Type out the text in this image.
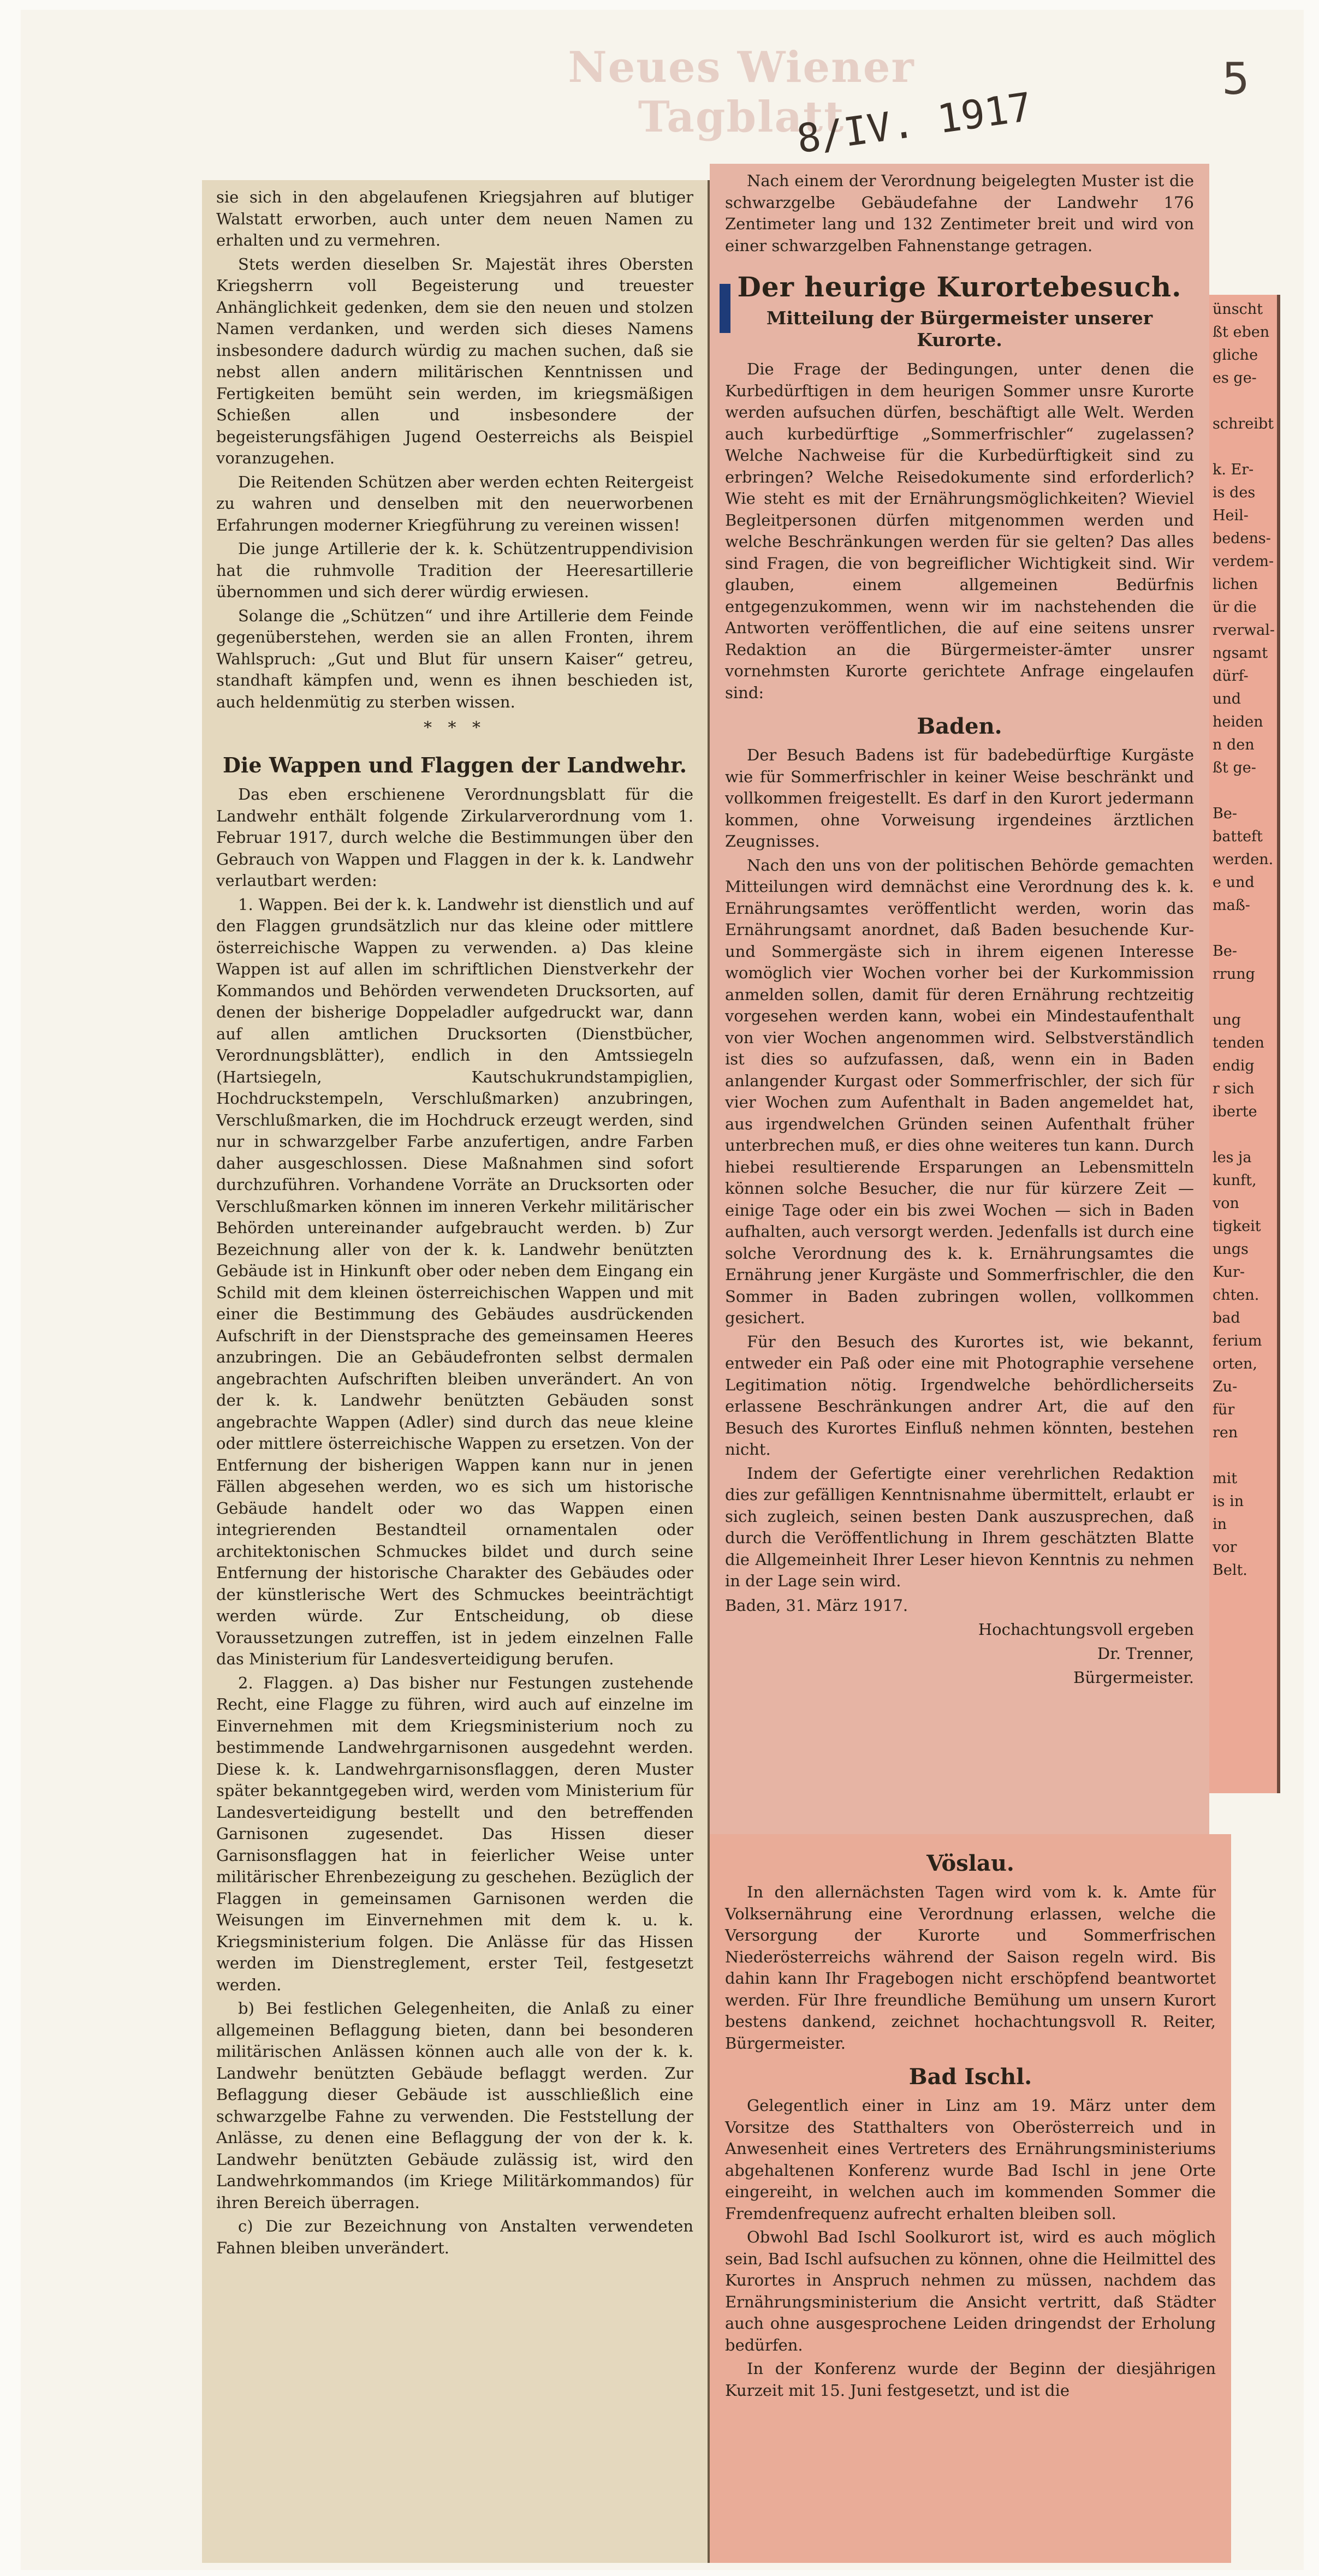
Neues Wiener Tagblatt
8/IV. 1917
5

sie sich in den abgelaufenen Kriegsjahren auf blutiger Walstatt erworben, auch unter dem neuen Namen zu erhalten und zu vermehren.

Stets werden dieselben Sr. Majestät ihres Obersten Kriegsherrn voll Begeisterung und treuester Anhänglichkeit gedenken, dem sie den neuen und stolzen Namen verdanken, und werden sich dieses Namens insbesondere dadurch würdig zu machen suchen, daß sie nebst allen andern militärischen Kenntnissen und Fertigkeiten bemüht sein werden, im kriegsmäßigen Schießen allen und insbesondere der begeisterungsfähigen Jugend Oesterreichs als Beispiel voranzugehen.

Die Reitenden Schützen aber werden echten Reitergeist zu wahren und denselben mit den neuerworbenen Erfahrungen moderner Kriegführung zu vereinen wissen!

Die junge Artillerie der k. k. Schützentruppendivision hat die ruhmvolle Tradition der Heeresartillerie übernommen und sich derer würdig erwiesen.

Solange die „Schützen“ und ihre Artillerie dem Feinde gegenüberstehen, werden sie an allen Fronten, ihrem Wahlspruch: „Gut und Blut für unsern Kaiser“ getreu, standhaft kämpfen und, wenn es ihnen beschieden ist, auch heldenmütig zu sterben wissen.

* * *
Die Wappen und Flaggen der Landwehr.

Das eben erschienene Verordnungsblatt für die Landwehr enthält folgende Zirkularverordnung vom 1. Februar 1917, durch welche die Bestimmungen über den Gebrauch von Wappen und Flaggen in der k. k. Landwehr verlautbart werden:

1. Wappen. Bei der k. k. Landwehr ist dienstlich und auf den Flaggen grundsätzlich nur das kleine oder mittlere österreichische Wappen zu verwenden. a) Das kleine Wappen ist auf allen im schriftlichen Dienstverkehr der Kommandos und Behörden verwendeten Drucksorten, auf denen der bisherige Doppeladler aufgedruckt war, dann auf allen amtlichen Drucksorten (Dienstbücher, Verordnungsblätter), endlich in den Amtssiegeln (Hartsiegeln, Kautschukrundstampiglien, Hochdruckstempeln, Verschlußmarken) anzubringen, Verschlußmarken, die im Hochdruck erzeugt werden, sind nur in schwarzgelber Farbe anzufertigen, andre Farben daher ausgeschlossen. Diese Maßnahmen sind sofort durchzuführen. Vorhandene Vorräte an Drucksorten oder Verschlußmarken können im inneren Verkehr militärischer Behörden untereinander aufgebraucht werden. b) Zur Bezeichnung aller von der k. k. Landwehr benützten Gebäude ist in Hinkunft ober oder neben dem Eingang ein Schild mit dem kleinen österreichischen Wappen und mit einer die Bestimmung des Gebäudes ausdrückenden Aufschrift in der Dienstsprache des gemeinsamen Heeres anzubringen. Die an Gebäudefronten selbst dermalen angebrachten Aufschriften bleiben unverändert. An von der k. k. Landwehr benützten Gebäuden sonst angebrachte Wappen (Adler) sind durch das neue kleine oder mittlere österreichische Wappen zu ersetzen. Von der Entfernung der bisherigen Wappen kann nur in jenen Fällen abgesehen werden, wo es sich um historische Gebäude handelt oder wo das Wappen einen integrierenden Bestandteil ornamentalen oder architektonischen Schmuckes bildet und durch seine Entfernung der historische Charakter des Gebäudes oder der künstlerische Wert des Schmuckes beeinträchtigt werden würde. Zur Entscheidung, ob diese Voraussetzungen zutreffen, ist in jedem einzelnen Falle das Ministerium für Landesverteidigung berufen.

2. Flaggen. a) Das bisher nur Festungen zustehende Recht, eine Flagge zu führen, wird auch auf einzelne im Einvernehmen mit dem Kriegsministerium noch zu bestimmende Landwehrgarnisonen ausgedehnt werden. Diese k. k. Landwehrgarnisonsflaggen, deren Muster später bekanntgegeben wird, werden vom Ministerium für Landesverteidigung bestellt und den betreffenden Garnisonen zugesendet. Das Hissen dieser Garnisonsflaggen hat in feierlicher Weise unter militärischer Ehrenbezeigung zu geschehen. Bezüglich der Flaggen in gemeinsamen Garnisonen werden die Weisungen im Einvernehmen mit dem k. u. k. Kriegsministerium folgen. Die Anlässe für das Hissen werden im Dienstreglement, erster Teil, festgesetzt werden.

b) Bei festlichen Gelegenheiten, die Anlaß zu einer allgemeinen Beflaggung bieten, dann bei besonderen militärischen Anlässen können auch alle von der k. k. Landwehr benützten Gebäude beflaggt werden. Zur Beflaggung dieser Gebäude ist ausschließlich eine schwarzgelbe Fahne zu verwenden. Die Feststellung der Anlässe, zu denen eine Beflaggung der von der k. k. Landwehr benützten Gebäude zulässig ist, wird den Landwehrkommandos (im Kriege Militärkommandos) für ihren Bereich überragen.

c) Die zur Bezeichnung von Anstalten verwendeten Fahnen bleiben unverändert.

Nach einem der Verordnung beigelegten Muster ist die schwarzgelbe Gebäudefahne der Landwehr 176 Zentimeter lang und 132 Zentimeter breit und wird von einer schwarzgelben Fahnenstange getragen.

Der heurige Kurortebesuch.
Mitteilung der Bürgermeister unserer Kurorte.

Die Frage der Bedingungen, unter denen die Kurbedürftigen in dem heurigen Sommer unsre Kurorte werden aufsuchen dürfen, beschäftigt alle Welt. Werden auch kurbedürftige „Sommerfrischler“ zugelassen? Welche Nachweise für die Kurbedürftigkeit sind zu erbringen? Welche Reisedokumente sind erforderlich? Wie steht es mit der Ernährungsmöglichkeiten? Wieviel Begleitpersonen dürfen mitgenommen werden und welche Beschränkungen werden für sie gelten? Das alles sind Fragen, die von begreiflicher Wichtigkeit sind. Wir glauben, einem allgemeinen Bedürfnis entgegenzukommen, wenn wir im nachstehenden die Antworten veröffentlichen, die auf eine seitens unsrer Redaktion an die Bürgermeister-ämter unsrer vornehmsten Kurorte gerichtete Anfrage eingelaufen sind:

Baden.

Der Besuch Badens ist für badebedürftige Kurgäste wie für Sommerfrischler in keiner Weise beschränkt und vollkommen freigestellt. Es darf in den Kurort jedermann kommen, ohne Vorweisung irgendeines ärztlichen Zeugnisses.

Nach den uns von der politischen Behörde gemachten Mitteilungen wird demnächst eine Verordnung des k. k. Ernährungsamtes veröffentlicht werden, worin das Ernährungsamt anordnet, daß Baden besuchende Kur- und Sommergäste sich in ihrem eigenen Interesse womöglich vier Wochen vorher bei der Kurkommission anmelden sollen, damit für deren Ernährung rechtzeitig vorgesehen werden kann, wobei ein Mindestaufenthalt von vier Wochen angenommen wird. Selbstverständlich ist dies so aufzufassen, daß, wenn ein in Baden anlangender Kurgast oder Sommerfrischler, der sich für vier Wochen zum Aufenthalt in Baden angemeldet hat, aus irgendwelchen Gründen seinen Aufenthalt früher unterbrechen muß, er dies ohne weiteres tun kann. Durch hiebei resultierende Ersparungen an Lebensmitteln können solche Besucher, die nur für kürzere Zeit — einige Tage oder ein bis zwei Wochen — sich in Baden aufhalten, auch versorgt werden. Jedenfalls ist durch eine solche Verordnung des k. k. Ernährungsamtes die Ernährung jener Kurgäste und Sommerfrischler, die den Sommer in Baden zubringen wollen, vollkommen gesichert.

Für den Besuch des Kurortes ist, wie bekannt, entweder ein Paß oder eine mit Photographie versehene Legitimation nötig. Irgendwelche behördlicherseits erlassene Beschränkungen andrer Art, die auf den Besuch des Kurortes Einfluß nehmen könnten, bestehen nicht.

Indem der Gefertigte einer verehrlichen Redaktion dies zur gefälligen Kenntnisnahme übermittelt, erlaubt er sich zugleich, seinen besten Dank auszusprechen, daß durch die Veröffentlichung in Ihrem geschätzten Blatte die Allgemeinheit Ihrer Leser hievon Kenntnis zu nehmen in der Lage sein wird.

Baden, 31. März 1917.
Hochachtungsvoll ergeben
Dr. Trenner,
Bürgermeister.
Vöslau.

In den allernächsten Tagen wird vom k. k. Amte für Volksernährung eine Verordnung erlassen, welche die Versorgung der Kurorte und Sommerfrischen Niederösterreichs während der Saison regeln wird. Bis dahin kann Ihr Fragebogen nicht erschöpfend beantwortet werden. Für Ihre freundliche Bemühung um unsern Kurort bestens dankend, zeichnet hochachtungsvoll R. Reiter, Bürgermeister.

Bad Ischl.

Gelegentlich einer in Linz am 19. März unter dem Vorsitze des Statthalters von Oberösterreich und in Anwesenheit eines Vertreters des Ernährungsministeriums abgehaltenen Konferenz wurde Bad Ischl in jene Orte eingereiht, in welchen auch im kommenden Sommer die Fremdenfrequenz aufrecht erhalten bleiben soll.

Obwohl Bad Ischl Soolkurort ist, wird es auch möglich sein, Bad Ischl aufsuchen zu können, ohne die Heilmittel des Kurortes in Anspruch nehmen zu müssen, nachdem das Ernährungsministerium die Ansicht vertritt, daß Städter auch ohne ausgesprochene Leiden dringendst der Erholung bedürfen.

In der Konferenz wurde der Beginn der diesjährigen Kurzeit mit 15. Juni festgesetzt, und ist die

ünscht

ßt eben

gliche

es ge-

schreibt

k. Er-

is des

Heil-

bedens-

verdem-

lichen

ür die

rverwal-

ngsamt

dürf-

und

heiden

n den

ßt ge-

Be-

batteft

werden.

e und

maß-

Be-

rrung

ung

tenden

endig

r sich

iberte

les ja

kunft,

von

tigkeit

ungs

Kur-

chten.

bad

ferium

orten,

Zu-

für

ren

mit

is in

in

vor

Belt.
